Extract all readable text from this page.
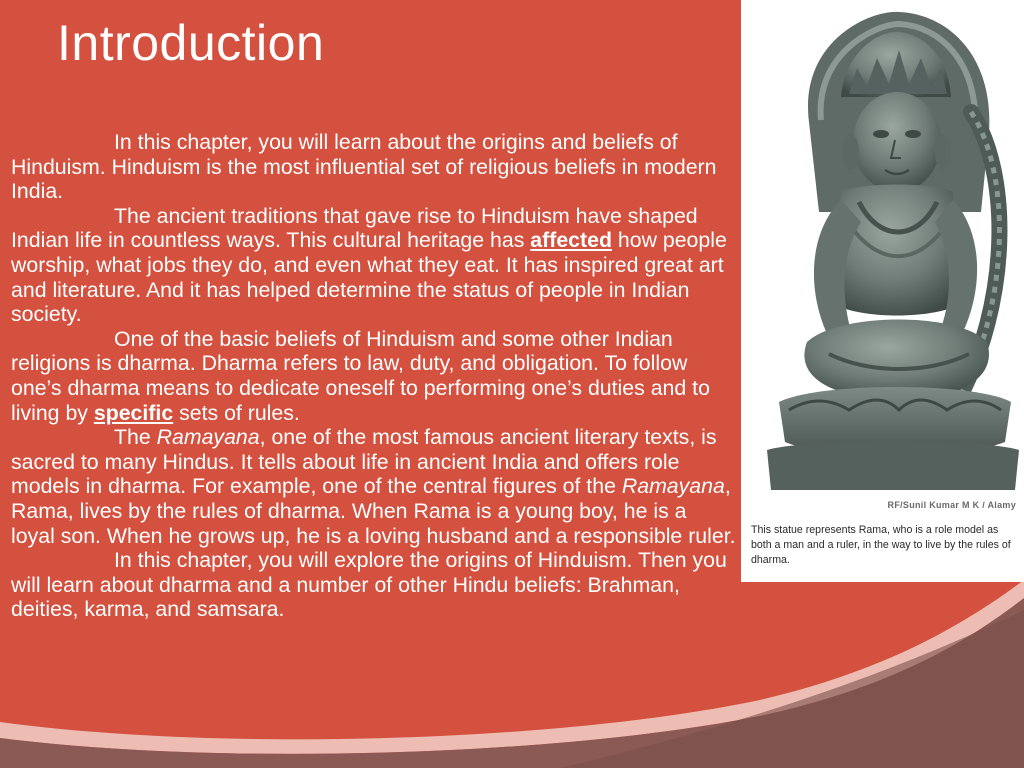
Introduction

In this chapter, you will learn about the origins and beliefs of Hinduism. Hinduism is the most influential set of religious beliefs in modern India.

The ancient traditions that gave rise to Hinduism have shaped Indian life in countless ways. This cultural heritage has affected how people worship, what jobs they do, and even what they eat. It has inspired great art and literature. And it has helped determine the status of people in Indian society.

One of the basic beliefs of Hinduism and some other Indian religions is dharma. Dharma refers to law, duty, and obligation. To follow one’s dharma means to dedicate oneself to performing one’s duties and to living by specific sets of rules.

The Ramayana, one of the most famous ancient literary texts, is sacred to many Hindus. It tells about life in ancient India and offers role models in dharma. For example, one of the central figures of the Ramayana, Rama, lives by the rules of dharma. When Rama is a young boy, he is a loyal son. When he grows up, he is a loving husband and a responsible ruler.

In this chapter, you will explore the origins of Hinduism. Then you will learn about dharma and a number of other Hindu beliefs: Brahman, deities, karma, and samsara.

RF/Sunil Kumar M K / Alamy
This statue represents Rama, who is a role model as both a man and a ruler, in the way to live by the rules of dharma.
